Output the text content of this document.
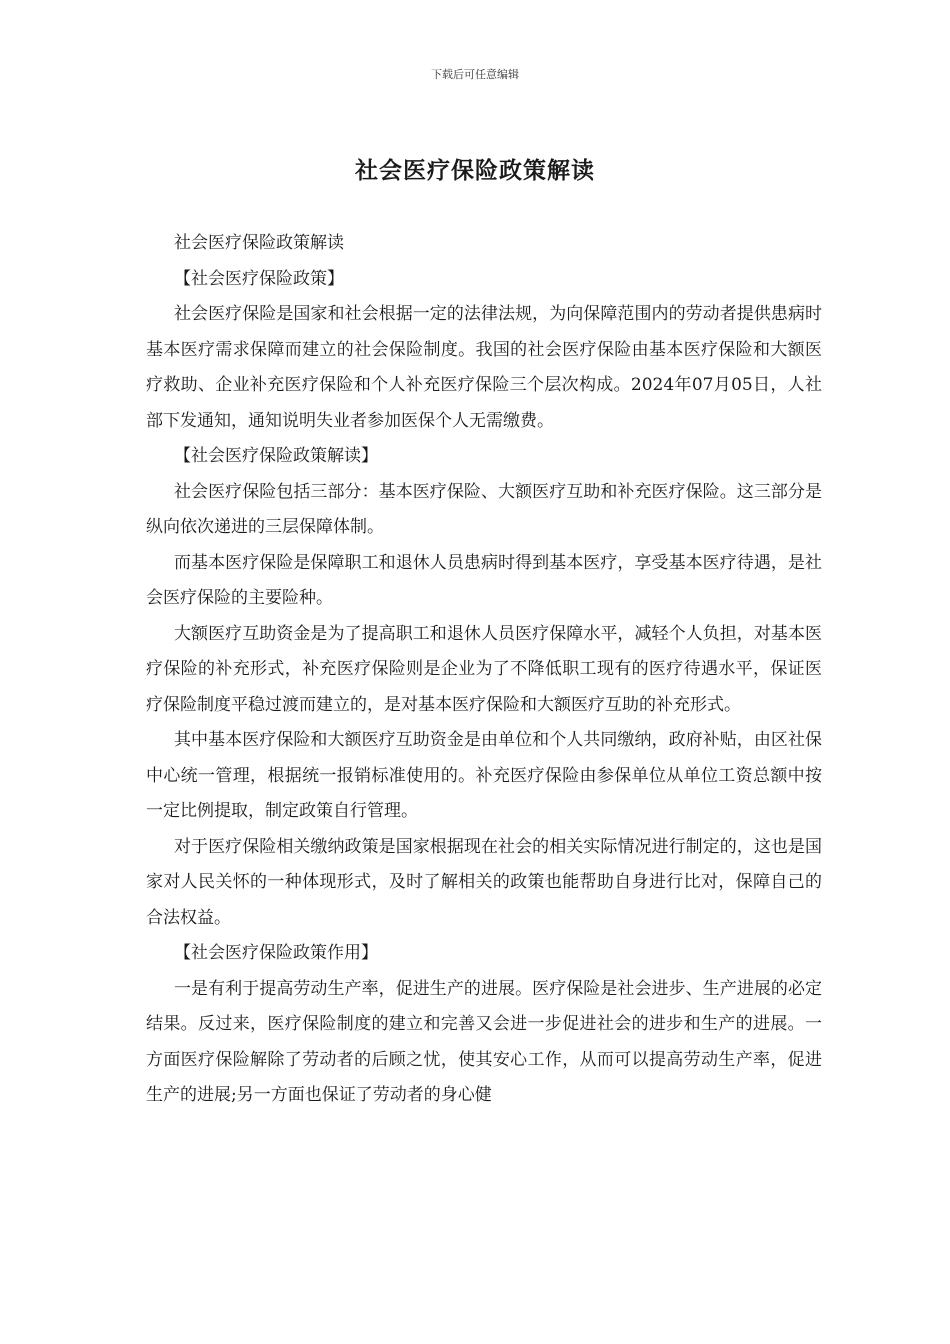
下载后可任意编辑
社会医疗保险政策解读

社会医疗保险政策解读

【社会医疗保险政策】

社会医疗保险是国家和社会根据一定的法律法规，为向保障范围内的劳动者提供患病时基本医疗需求保障而建立的社会保险制度。我国的社会医疗保险由基本医疗保险和大额医疗救助、企业补充医疗保险和个人补充医疗保险三个层次构成。2024年07月05日，人社部下发通知，通知说明失业者参加医保个人无需缴费。

【社会医疗保险政策解读】

社会医疗保险包括三部分：基本医疗保险、大额医疗互助和补充医疗保险。这三部分是纵向依次递进的三层保障体制。

而基本医疗保险是保障职工和退休人员患病时得到基本医疗，享受基本医疗待遇，是社会医疗保险的主要险种。

大额医疗互助资金是为了提高职工和退休人员医疗保障水平，减轻个人负担，对基本医疗保险的补充形式，补充医疗保险则是企业为了不降低职工现有的医疗待遇水平，保证医疗保险制度平稳过渡而建立的，是对基本医疗保险和大额医疗互助的补充形式。

其中基本医疗保险和大额医疗互助资金是由单位和个人共同缴纳，政府补贴，由区社保中心统一管理，根据统一报销标准使用的。补充医疗保险由参保单位从单位工资总额中按一定比例提取，制定政策自行管理。

对于医疗保险相关缴纳政策是国家根据现在社会的相关实际情况进行制定的，这也是国家对人民关怀的一种体现形式，及时了解相关的政策也能帮助自身进行比对，保障自己的合法权益。

【社会医疗保险政策作用】

一是有利于提高劳动生产率，促进生产的进展。医疗保险是社会进步、生产进展的必定结果。反过来，医疗保险制度的建立和完善又会进一步促进社会的进步和生产的进展。一方面医疗保险解除了劳动者的后顾之忧，使其安心工作，从而可以提高劳动生产率，促进生产的进展;另一方面也保证了劳动者的身心健
